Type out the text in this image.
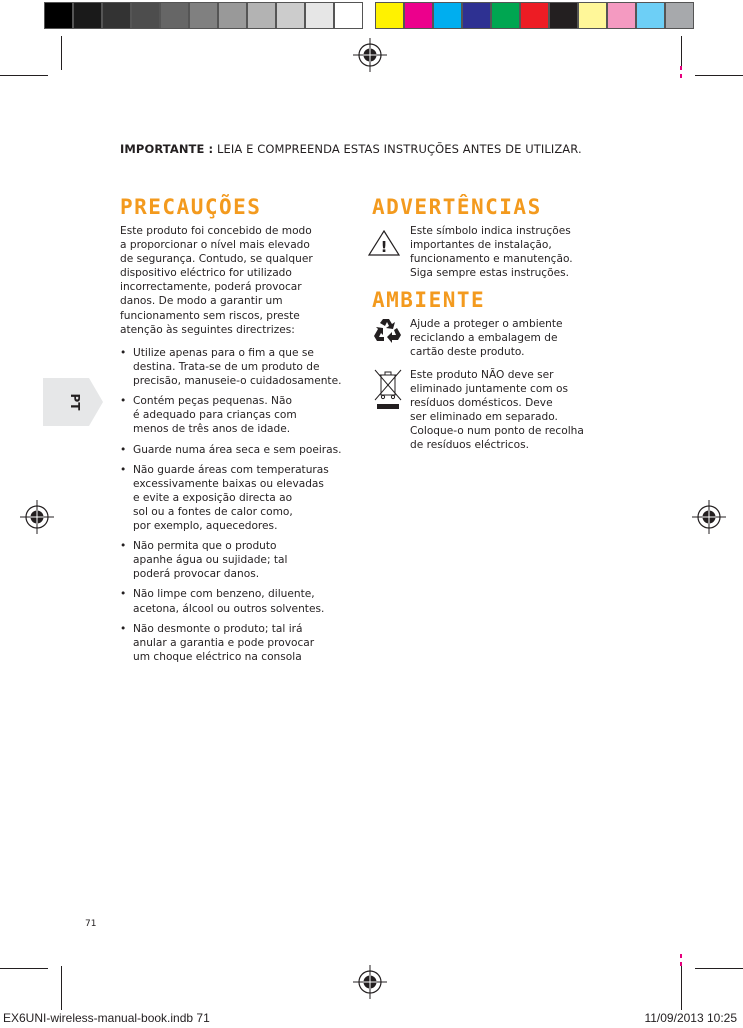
IMPORTANTE : LEIA E COMPREENDA ESTAS INSTRUÇÕES ANTES DE UTILIZAR.
PT
PRECAUÇÕES
Este produto foi concebido de modo
a proporcionar o nível mais elevado
de segurança. Contudo, se qualquer
dispositivo eléctrico for utilizado
incorrectamente, poderá provocar
danos. De modo a garantir um
funcionamento sem riscos, preste
atenção às seguintes directrizes:
• Utilize apenas para o fim a que se
destina. Trata-se de um produto de
precisão, manuseie-o cuidadosamente.
• Contém peças pequenas. Não
é adequado para crianças com
menos de três anos de idade.
• Guarde numa área seca e sem poeiras.
• Não guarde áreas com temperaturas
excessivamente baixas ou elevadas
e evite a exposição directa ao
sol ou a fontes de calor como,
por exemplo, aquecedores.
• Não permita que o produto
apanhe água ou sujidade; tal
poderá provocar danos.
• Não limpe com benzeno, diluente,
acetona, álcool ou outros solventes.
• Não desmonte o produto; tal irá
anular a garantia e pode provocar
um choque eléctrico na consola
ADVERTÊNCIAS
!
Este símbolo indica instruções
importantes de instalação,
funcionamento e manutenção.
Siga sempre estas instruções.
AMBIENTE
Ajude a proteger o ambiente
reciclando a embalagem de
cartão deste produto.
Este produto NÃO deve ser
eliminado juntamente com os
resíduos domésticos. Deve
ser eliminado em separado.
Coloque-o num ponto de recolha
de resíduos eléctricos.
71
EX6UNI-wireless-manual-book.indb 71	11/09/2013 10:25
